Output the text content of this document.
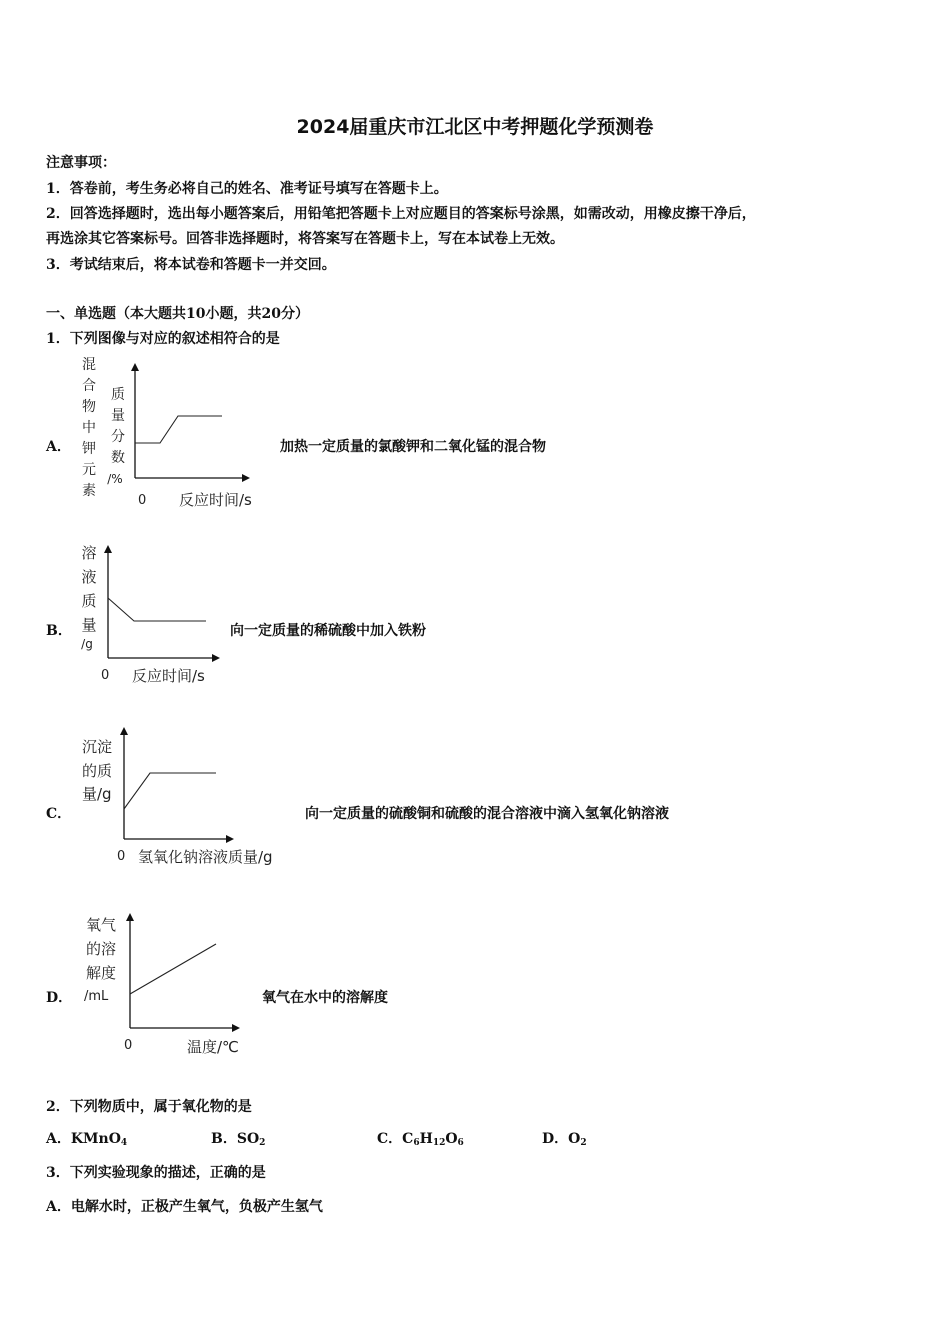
2024届重庆市江北区中考押题化学预测卷
注意事项：
1．答卷前，考生务必将自己的姓名、准考证号填写在答题卡上。
2．回答选择题时，选出每小题答案后，用铅笔把答题卡上对应题目的答案标号涂黑，如需改动，用橡皮擦干净后，
再选涂其它答案标号。回答非选择题时，将答案写在答题卡上，写在本试卷上无效。
3．考试结束后，将本试卷和答题卡一并交回。
一、单选题（本大题共10小题，共20分）
1．下列图像与对应的叙述相符合的是
A．
混
合
物
中
钾
元
素
质
量
分
数
/%
0 反应时间/s
加热一定质量的氯酸钾和二氧化锰的混合物
B．
溶
液
质
量
/g
0 反应时间/s
向一定质量的稀硫酸中加入铁粉
C．
沉淀
的质
量/g
0 氢氧化钠溶液质量/g
向一定质量的硫酸铜和硫酸的混合溶液中滴入氢氧化钠溶液
D．
氧气
的溶
解度
/mL
0	温度/℃
氧气在水中的溶解度
2．下列物质中，属于氧化物的是
A．KMnO$_4$	B．$SO_2$	C．$C_6H_{12}O_6$	D．$O_2$
3．下列实验现象的描述，正确的是
A．电解水时，正极产生氧气，负极产生氢气
